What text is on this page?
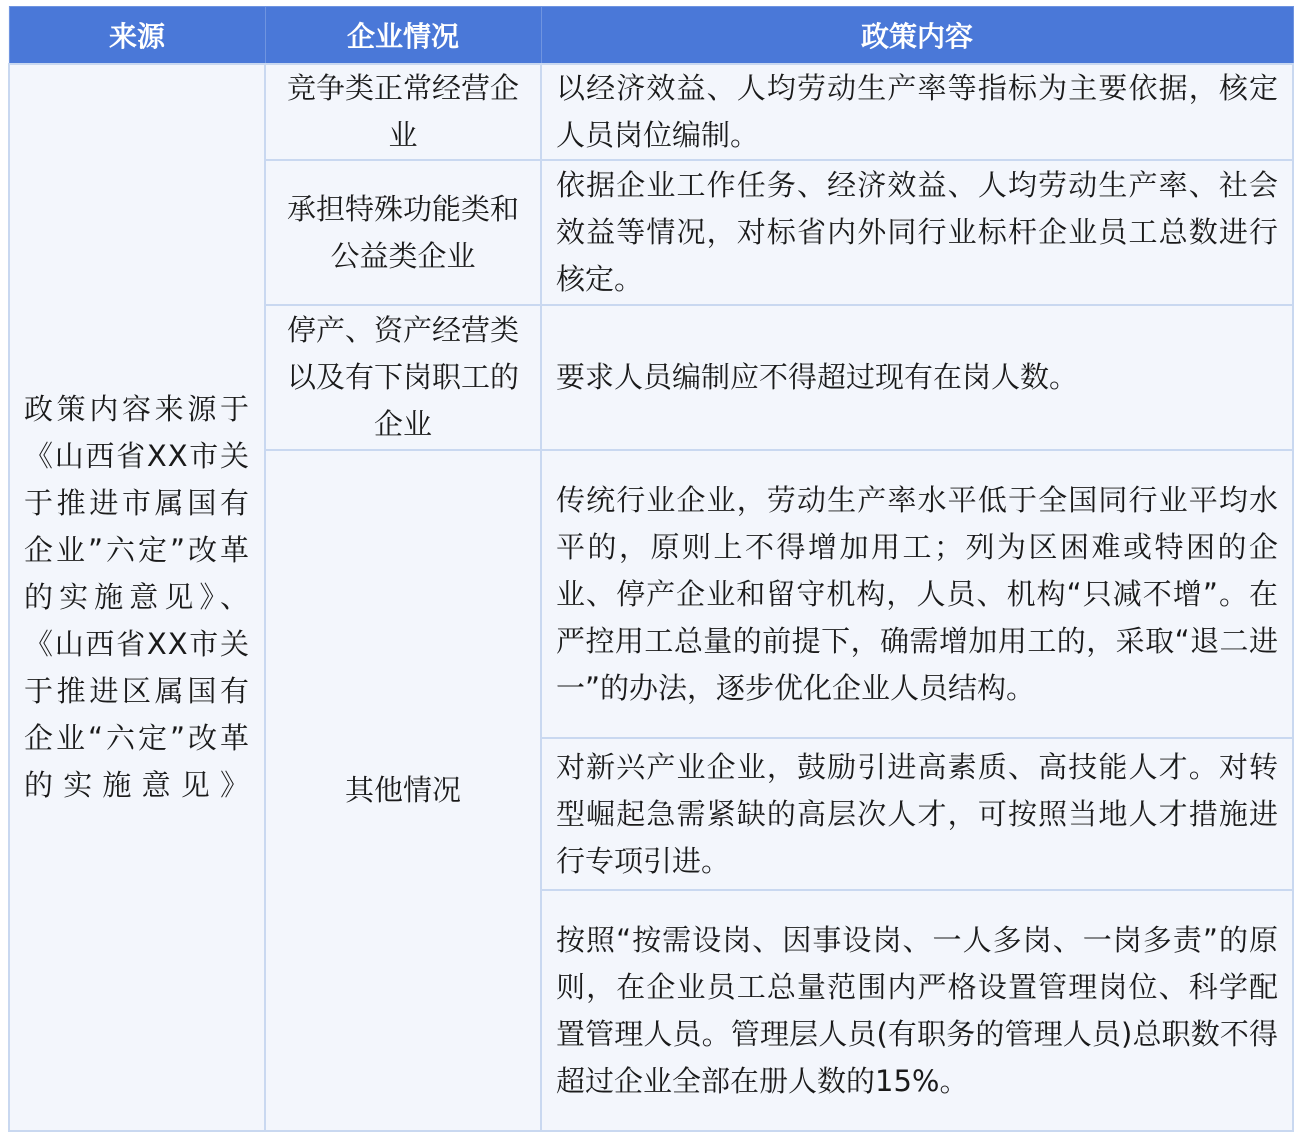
来源	企业情况	政策内容
政策内容来源于《山西省XX市关于推进市属国有企业”六定”改革的实施意见》、《山西省XX市关于推进区属国有企业“六定”改革的实施意见》	竞争类正常经营企业	以经济效益、人均劳动生产率等指标为主要依据，核定人员岗位编制。
	承担特殊功能类和公益类企业	依据企业工作任务、经济效益、人均劳动生产率、社会效益等情况，对标省内外同行业标杆企业员工总数进行核定。
	停产、资产经营类以及有下岗职工的企业	要求人员编制应不得超过现有在岗人数。
	其他情况	传统行业企业，劳动生产率水平低于全国同行业平均水平的，原则上不得增加用工；列为区困难或特困的企业、停产企业和留守机构，人员、机构“只减不增”。在严控用工总量的前提下，确需增加用工的，采取“退二进一”的办法，逐步优化企业人员结构。
		对新兴产业企业，鼓励引进高素质、高技能人才。对转型崛起急需紧缺的高层次人才，可按照当地人才措施进行专项引进。
		按照“按需设岗、因事设岗、一人多岗、一岗多责”的原则，在企业员工总量范围内严格设置管理岗位、科学配置管理人员。管理层人员(有职务的管理人员)总职数不得超过企业全部在册人数的15%。
